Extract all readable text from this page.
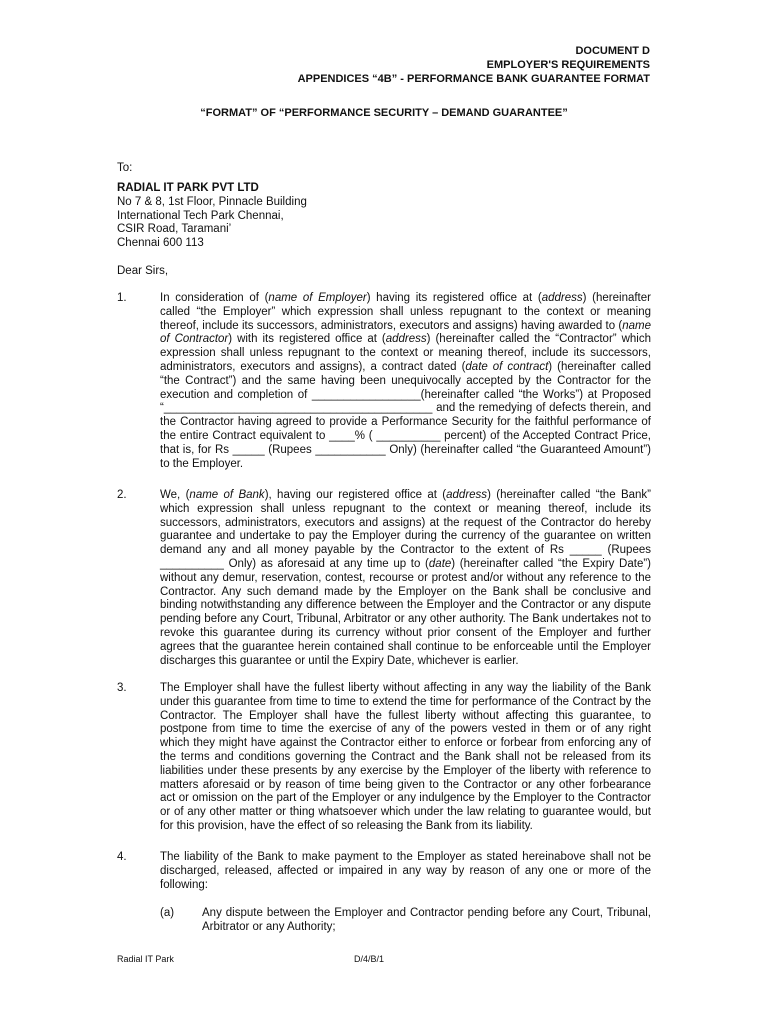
DOCUMENT D
EMPLOYER'S REQUIREMENTS
APPENDICES “4B” - PERFORMANCE BANK GUARANTEE FORMAT
“FORMAT” OF “PERFORMANCE SECURITY – DEMAND GUARANTEE”
To:
RADIAL IT PARK PVT LTD
No 7 & 8, 1st Floor, Pinnacle Building
International Tech Park Chennai,
CSIR Road, Taramani’
Chennai 600 113
Dear Sirs,
1.	In consideration of (name of Employer) having its registered office at (address) (hereinafter called “the Employer” which expression shall unless repugnant to the context or meaning thereof, include its successors, administrators, executors and assigns) having awarded to (name of Contractor) with its registered office at (address) (hereinafter called the “Contractor” which expression shall unless repugnant to the context or meaning thereof, include its successors, administrators, executors and assigns), a contract dated (date of contract) (hereinafter called “the Contract”) and the same having been unequivocally accepted by the Contractor for the execution and completion of _________________(hereinafter called “the Works”) at Proposed “__________________________________________ and the remedying of defects therein, and the Contractor having agreed to provide a Performance Security for the faithful performance of the entire Contract equivalent to ____% ( __________ percent) of the Accepted Contract Price, that is, for Rs _____ (Rupees ___________ Only) (hereinafter called “the Guaranteed Amount”) to the Employer.
2.	We, (name of Bank), having our registered office at (address) (hereinafter called “the Bank” which expression shall unless repugnant to the context or meaning thereof, include its successors, administrators, executors and assigns) at the request of the Contractor do hereby guarantee and undertake to pay the Employer during the currency of the guarantee on written demand any and all money payable by the Contractor to the extent of Rs _____ (Rupees __________ Only) as aforesaid at any time up to (date) (hereinafter called “the Expiry Date”) without any demur, reservation, contest, recourse or protest and/or without any reference to the Contractor. Any such demand made by the Employer on the Bank shall be conclusive and binding notwithstanding any difference between the Employer and the Contractor or any dispute pending before any Court, Tribunal, Arbitrator or any other authority. The Bank undertakes not to revoke this guarantee during its currency without prior consent of the Employer and further agrees that the guarantee herein contained shall continue to be enforceable until the Employer discharges this guarantee or until the Expiry Date, whichever is earlier.
3.	The Employer shall have the fullest liberty without affecting in any way the liability of the Bank under this guarantee from time to time to extend the time for performance of the Contract by the Contractor. The Employer shall have the fullest liberty without affecting this guarantee, to postpone from time to time the exercise of any of the powers vested in them or of any right which they might have against the Contractor either to enforce or forbear from enforcing any of the terms and conditions governing the Contract and the Bank shall not be released from its liabilities under these presents by any exercise by the Employer of the liberty with reference to matters aforesaid or by reason of time being given to the Contractor or any other forbearance act or omission on the part of the Employer or any indulgence by the Employer to the Contractor or of any other matter or thing whatsoever which under the law relating to guarantee would, but for this provision, have the effect of so releasing the Bank from its liability.
4.	The liability of the Bank to make payment to the Employer as stated hereinabove shall not be discharged, released, affected or impaired in any way by reason of any one or more of the following:
(a) Any dispute between the Employer and Contractor pending before any Court, Tribunal, Arbitrator or any Authority;
Radial IT Park	D/4/B/1
